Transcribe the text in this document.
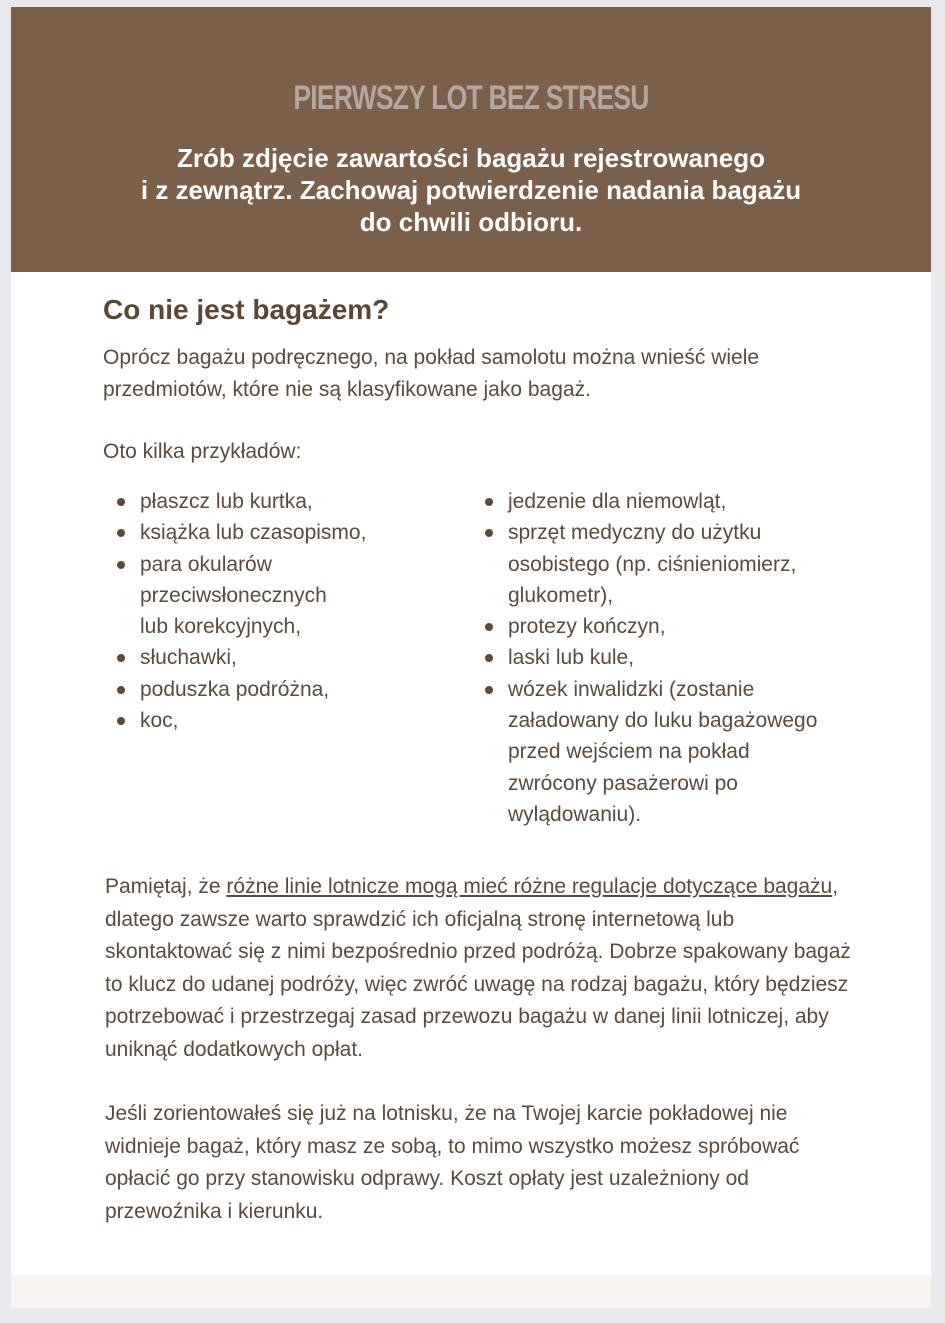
PIERWSZY LOT BEZ STRESU
Zrób zdjęcie zawartości bagażu rejestrowanego
i z zewnątrz. Zachowaj potwierdzenie nadania bagażu
do chwili odbioru.
Co nie jest bagażem?

Oprócz bagażu podręcznego, na pokład samolotu można wnieść wiele
przedmiotów, które nie są klasyfikowane jako bagaż.

Oto kilka przykładów:

płaszcz lub kurtka,
książka lub czasopismo,
para okularów
przeciwsłonecznych
lub korekcyjnych,
słuchawki,
poduszka podróżna,
koc,
jedzenie dla niemowląt,
sprzęt medyczny do użytku
osobistego (np. ciśnieniomierz,
glukometr),
protezy kończyn,
laski lub kule,
wózek inwalidzki (zostanie
załadowany do luku bagażowego
przed wejściem na pokład
zwrócony pasażerowi po
wylądowaniu).

Pamiętaj, że różne linie lotnicze mogą mieć różne regulacje dotyczące bagażu, dlatego zawsze warto sprawdzić ich oficjalną stronę internetową lub skontaktować się z nimi bezpośrednio przed podróżą. Dobrze spakowany bagaż to klucz do udanej podróży, więc zwróć uwagę na rodzaj bagażu, który będziesz potrzebować i przestrzegaj zasad przewozu bagażu w danej linii lotniczej, aby uniknąć dodatkowych opłat.

Jeśli zorientowałeś się już na lotnisku, że na Twojej karcie pokładowej nie widnieje bagaż, który masz ze sobą, to mimo wszystko możesz spróbować opłacić go przy stanowisku odprawy. Koszt opłaty jest uzależniony od przewoźnika i kierunku.
